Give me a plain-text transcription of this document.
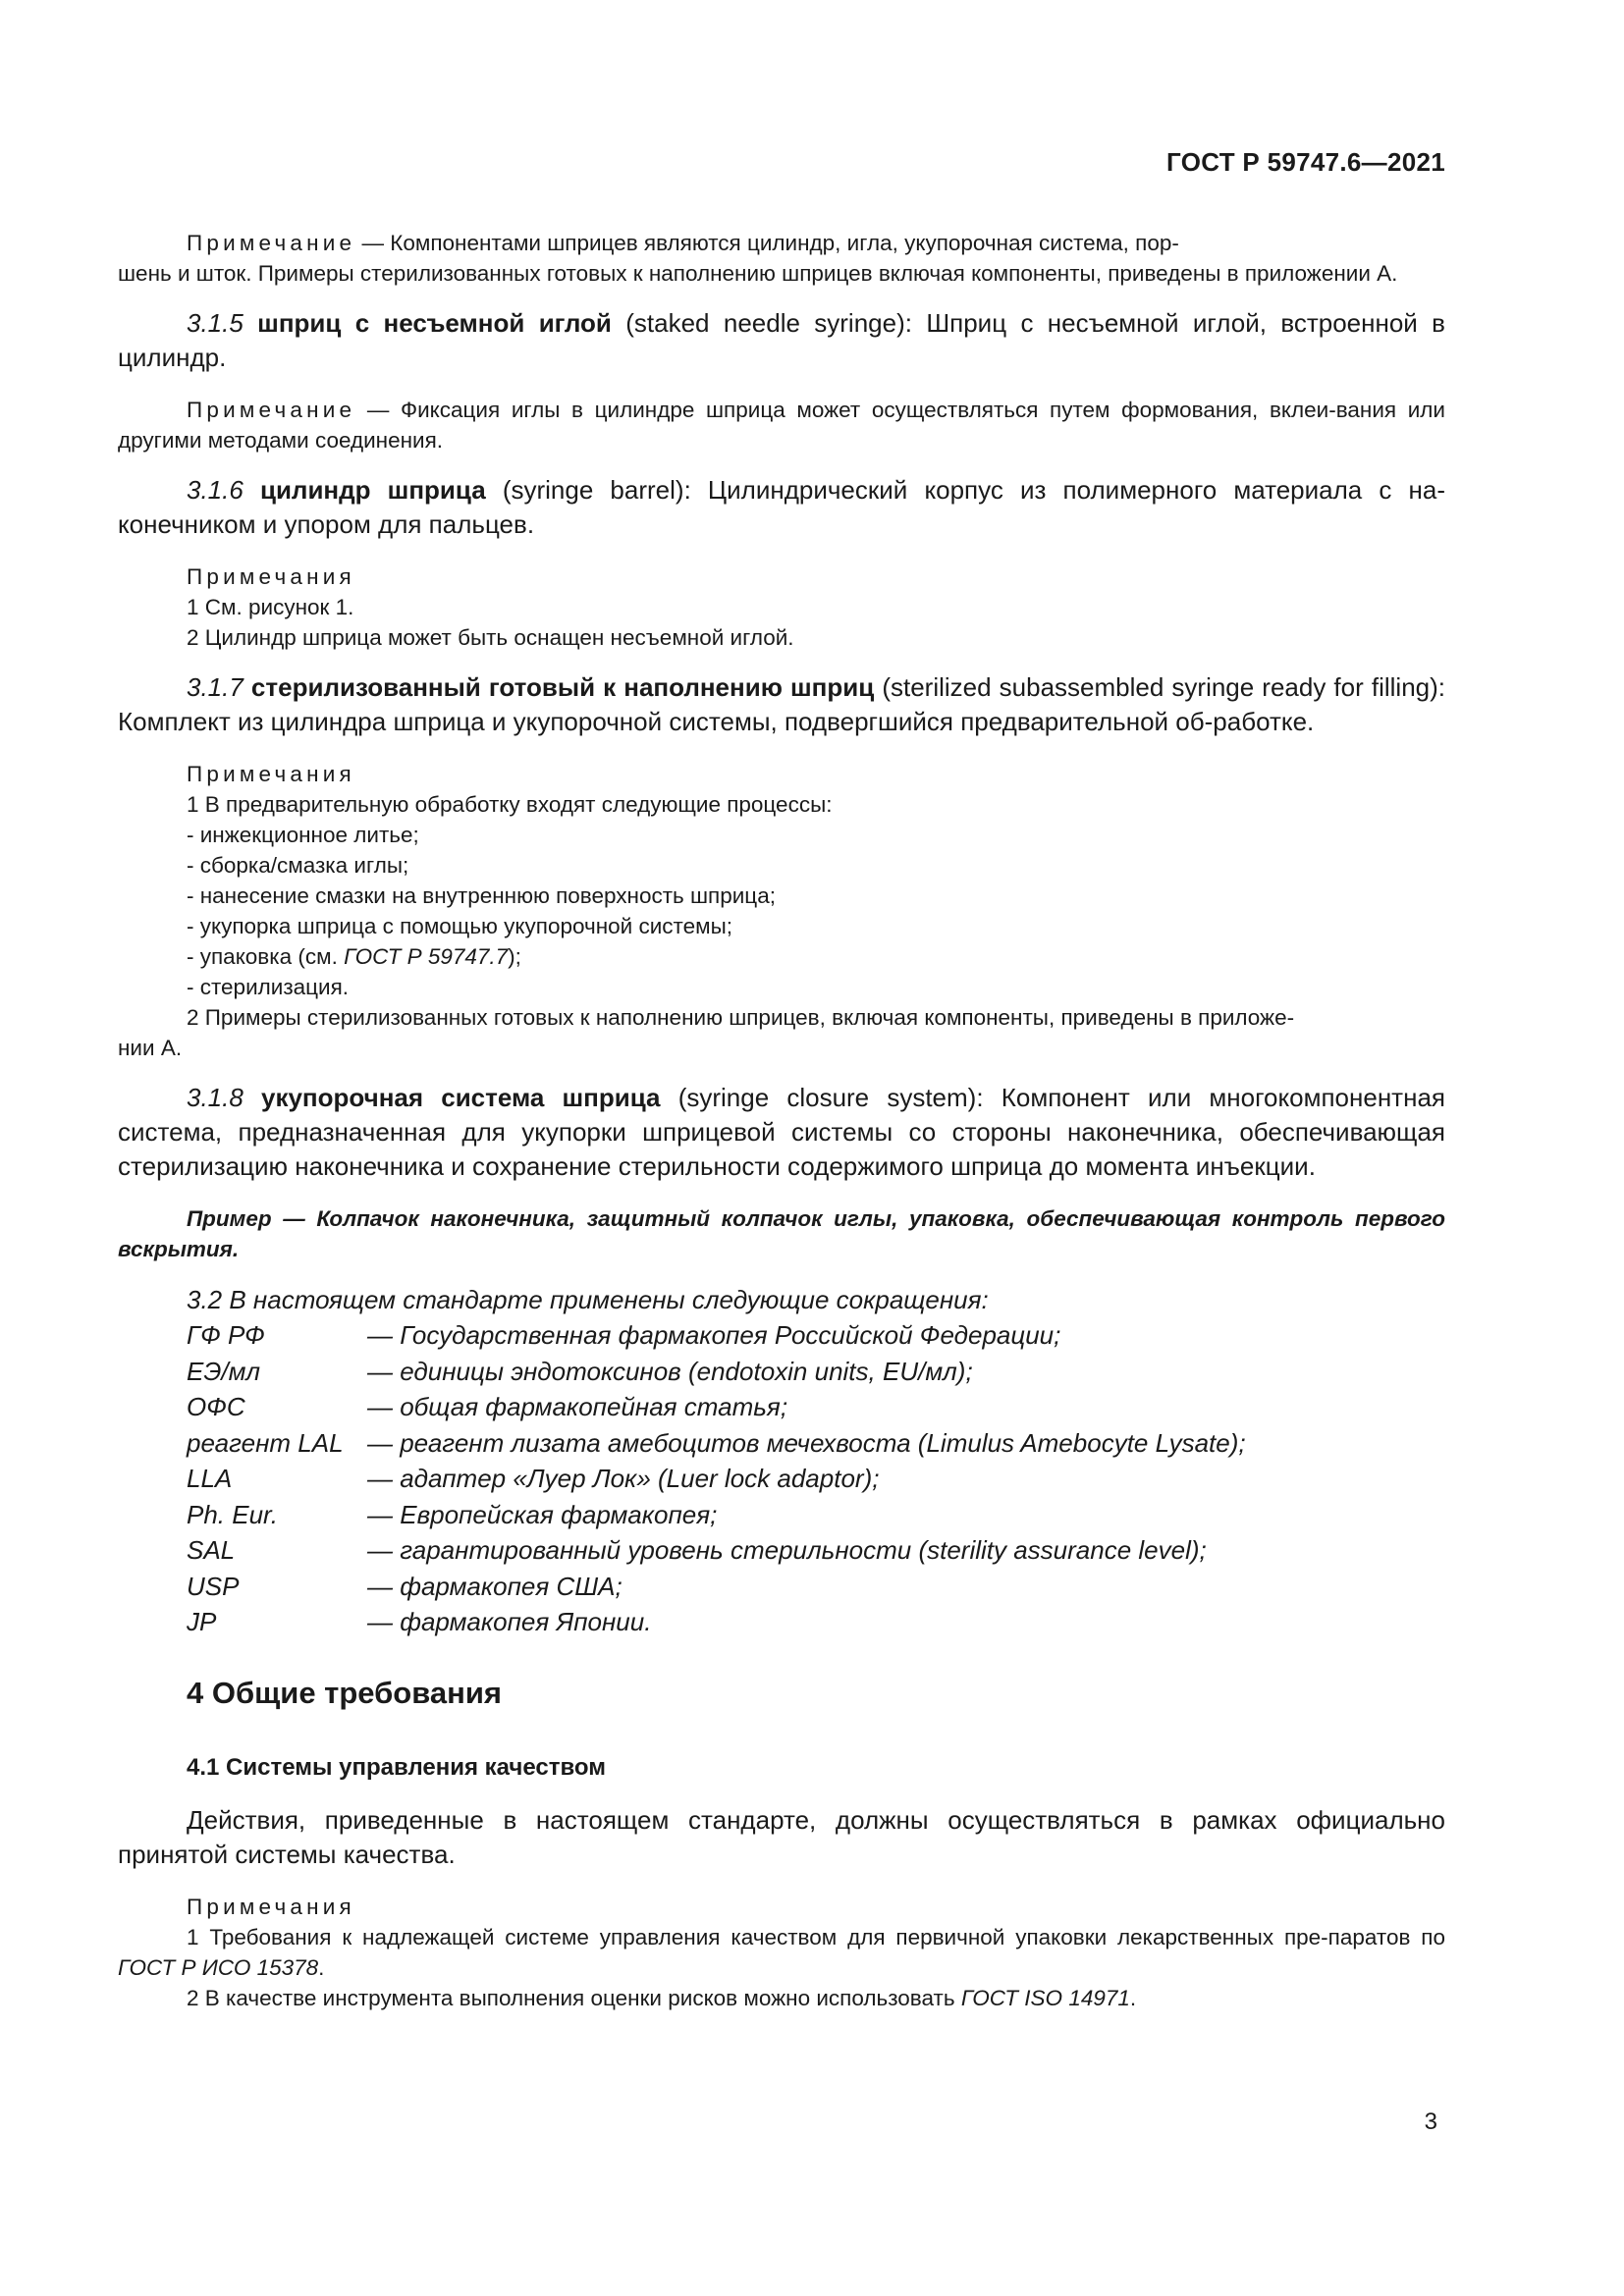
ГОСТ Р 59747.6—2021

Примечание — Компонентами шприцев являются цилиндр, игла, укупорочная система, пор-

шень и шток. Примеры стерилизованных готовых к наполнению шприцев включая компоненты, приведены в приложении А.

3.1.5 шприц с несъемной иглой (staked needle syringe): Шприц с несъемной иглой, встроенной в цилиндр.

Примечание — Фиксация иглы в цилиндре шприца может осуществляться путем формования, вклеи-вания или другими методами соединения.

3.1.6 цилиндр шприца (syringe barrel): Цилиндрический корпус из полимерного материала с на-конечником и упором для пальцев.
Примечания
1 См. рисунок 1.
2 Цилиндр шприца может быть оснащен несъемной иглой.
3.1.7 стерилизованный готовый к наполнению шприц (sterilized subassembled syringe ready for filling): Комплект из цилиндра шприца и укупорочной системы, подвергшийся предварительной об-работке.
Примечания
1 В предварительную обработку входят следующие процессы:
- инжекционное литье;
- сборка/смазка иглы;
- нанесение смазки на внутреннюю поверхность шприца;
- укупорка шприца с помощью укупорочной системы;
- упаковка (см. ГОСТ Р 59747.7);
- стерилизация.
2 Примеры стерилизованных готовых к наполнению шприцев, включая компоненты, приведены в приложе-
нии А.
3.1.8 укупорочная система шприца (syringe closure system): Компонент или многокомпонентная система, предназначенная для укупорки шприцевой системы со стороны наконечника, обеспечивающая стерилизацию наконечника и сохранение стерильности содержимого шприца до момента инъекции.
Пример — Колпачок наконечника, защитный колпачок иглы, упаковка, обеспечивающая контроль первого вскрытия.
3.2 В настоящем стандарте применены следующие сокращения:
ГФ РФ	— Государственная фармакопея Российской Федерации;
ЕЭ/мл	— единицы эндотоксинов (endotoxin units, EU/мл);
ОФС	— общая фармакопейная статья;
реагент LAL — реагент лизата амебоцитов мечехвоста (Limulus Amebocyte Lysate);
LLA	— адаптер «Луер Лок» (Luer lock adaptor);
Ph. Eur.	— Европейская фармакопея;
SAL	— гарантированный уровень стерильности (sterility assurance level);
USP	— фармакопея США;
JP	— фармакопея Японии.
4 Общие требования
4.1 Системы управления качеством
Действия, приведенные в настоящем стандарте, должны осуществляться в рамках официально принятой системы качества.
Примечания
1 Требования к надлежащей системе управления качеством для первичной упаковки лекарственных пре-паратов по ГОСТ Р ИСО 15378.
2 В качестве инструмента выполнения оценки рисков можно использовать ГОСТ ISO 14971.
3
